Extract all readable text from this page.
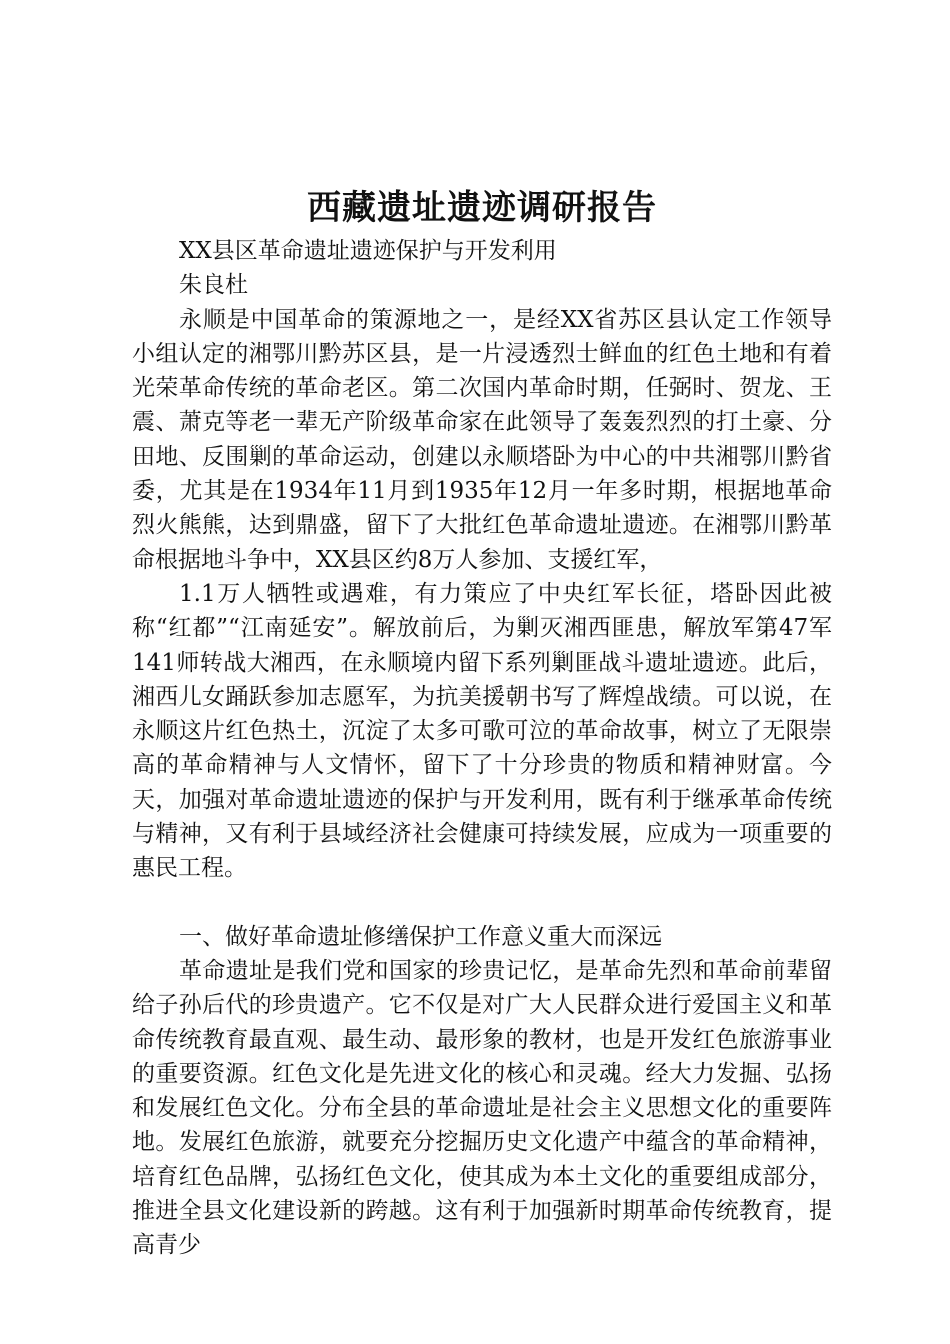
西藏遗址遗迹调研报告

XX县区革命遗址遗迹保护与开发利用

朱良杜

永顺是中国革命的策源地之一，是经XX省苏区县认定工作领导小组认定的湘鄂川黔苏区县，是一片浸透烈士鲜血的红色土地和有着光荣革命传统的革命老区。第二次国内革命时期，任弼时、贺龙、王震、萧克等老一辈无产阶级革命家在此领导了轰轰烈烈的打土豪、分田地、反围剿的革命运动，创建以永顺塔卧为中心的中共湘鄂川黔省委，尤其是在1934年11月到1935年12月一年多时期，根据地革命烈火熊熊，达到鼎盛，留下了大批红色革命遗址遗迹。在湘鄂川黔革命根据地斗争中，XX县区约8万人参加、支援红军，

1.1万人牺牲或遇难，有力策应了中央红军长征，塔卧因此被称“红都”“江南延安”。解放前后，为剿灭湘西匪患，解放军第47军141师转战大湘西，在永顺境内留下系列剿匪战斗遗址遗迹。此后，湘西儿女踊跃参加志愿军，为抗美援朝书写了辉煌战绩。可以说，在永顺这片红色热土，沉淀了太多可歌可泣的革命故事，树立了无限崇高的革命精神与人文情怀，留下了十分珍贵的物质和精神财富。今天，加强对革命遗址遗迹的保护与开发利用，既有利于继承革命传统与精神，又有利于县域经济社会健康可持续发展，应成为一项重要的惠民工程。

一、做好革命遗址修缮保护工作意义重大而深远

革命遗址是我们党和国家的珍贵记忆，是革命先烈和革命前辈留给子孙后代的珍贵遗产。它不仅是对广大人民群众进行爱国主义和革命传统教育最直观、最生动、最形象的教材，也是开发红色旅游事业的重要资源。红色文化是先进文化的核心和灵魂。经大力发掘、弘扬和发展红色文化。分布全县的革命遗址是社会主义思想文化的重要阵地。发展红色旅游，就要充分挖掘历史文化遗产中蕴含的革命精神，培育红色品牌，弘扬红色文化，使其成为本土文化的重要组成部分，推进全县文化建设新的跨越。这有利于加强新时期革命传统教育，提高青少
